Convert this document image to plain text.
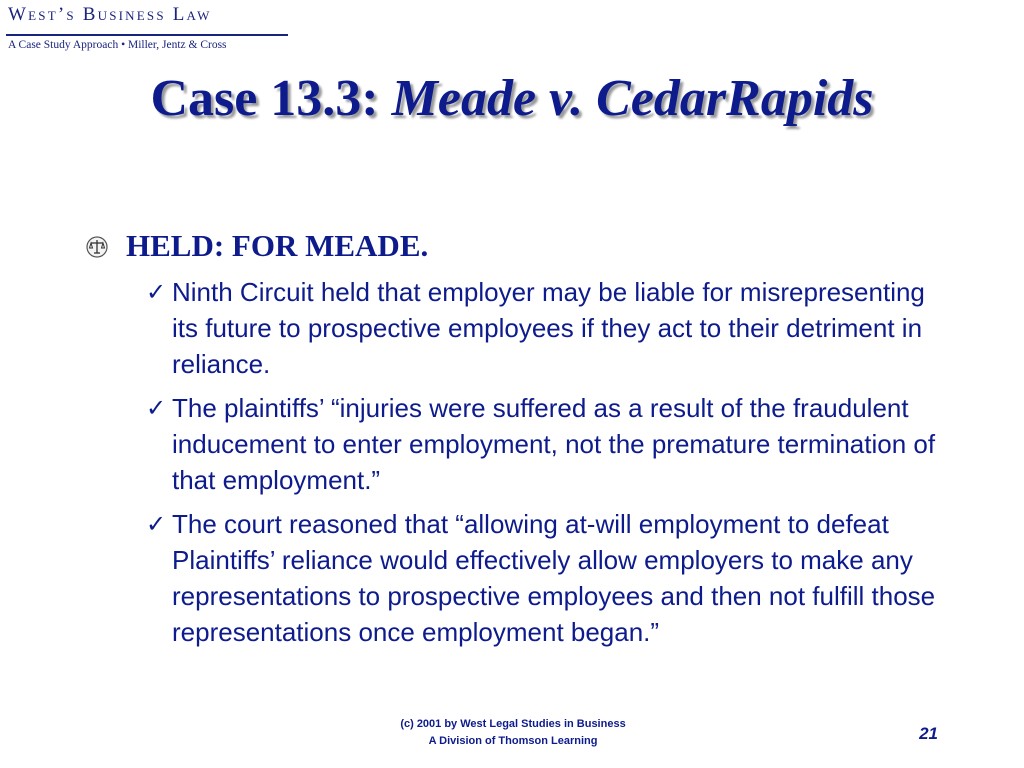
West’s Business Law
A Case Study Approach • Miller, Jentz & Cross
Case 13.3: Meade v. CedarRapids
HELD: FOR MEADE.
✓ Ninth Circuit held that employer may be liable for misrepresenting its future to prospective employees if they act to their detriment in reliance.
✓ The plaintiffs’ “injuries were suffered as a result of the fraudulent inducement to enter employment, not the premature termination of that employment.”
✓ The court reasoned that “allowing at-will employment to defeat Plaintiffs’ reliance would effectively allow employers to make any representations to prospective employees and then not fulfill those representations once employment began.”
(c) 2001 by West Legal Studies in Business
A Division of Thomson Learning	21
